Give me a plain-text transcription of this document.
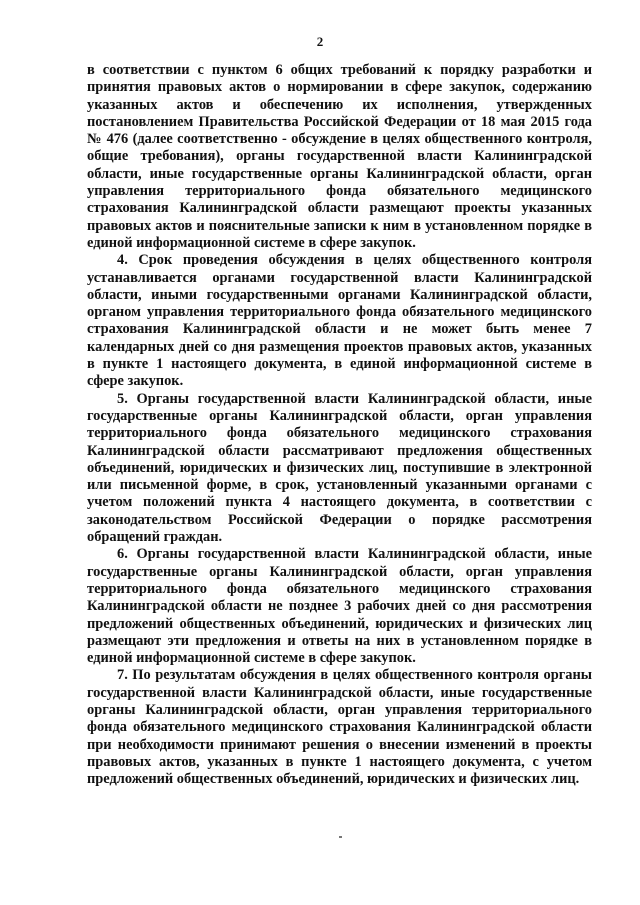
2

в соответствии с пунктом 6 общих требований к порядку разработки и принятия правовых актов о нормировании в сфере закупок, содержанию указанных актов и обеспечению их исполнения, утвержденных постановлением Правительства Российской Федерации от 18 мая 2015 года № 476 (далее соответственно - обсуждение в целях общественного контроля, общие требования), органы государственной власти Калининградской области, иные государственные органы Калининградской области, орган управления территориального фонда обязательного медицинского страхования Калининградской области размещают проекты указанных правовых актов и пояснительные записки к ним в установленном порядке в единой информационной системе в сфере закупок.

4. Срок проведения обсуждения в целях общественного контроля устанавливается органами государственной власти Калининградской области, иными государственными органами Калининградской области, органом управления территориального фонда обязательного медицинского страхования Калининградской области и не может быть менее 7 календарных дней со дня размещения проектов правовых актов, указанных в пункте 1 настоящего документа, в единой информационной системе в сфере закупок.

5. Органы государственной власти Калининградской области, иные государственные органы Калининградской области, орган управления территориального фонда обязательного медицинского страхования Калининградской области рассматривают предложения общественных объединений, юридических и физических лиц, поступившие в электронной или письменной форме, в срок, установленный указанными органами с учетом положений пункта 4 настоящего документа, в соответствии с законодательством Российской Федерации о порядке рассмотрения обращений граждан.

6. Органы государственной власти Калининградской области, иные государственные органы Калининградской области, орган управления территориального фонда обязательного медицинского страхования Калининградской области не позднее 3 рабочих дней со дня рассмотрения предложений общественных объединений, юридических и физических лиц размещают эти предложения и ответы на них в установленном порядке в единой информационной системе в сфере закупок.

7. По результатам обсуждения в целях общественного контроля органы государственной власти Калининградской области, иные государственные органы Калининградской области, орган управления территориального фонда обязательного медицинского страхования Калининградской области при необходимости принимают решения о внесении изменений в проекты правовых актов, указанных в пункте 1 настоящего документа, с учетом предложений общественных объединений, юридических и физических лиц.
